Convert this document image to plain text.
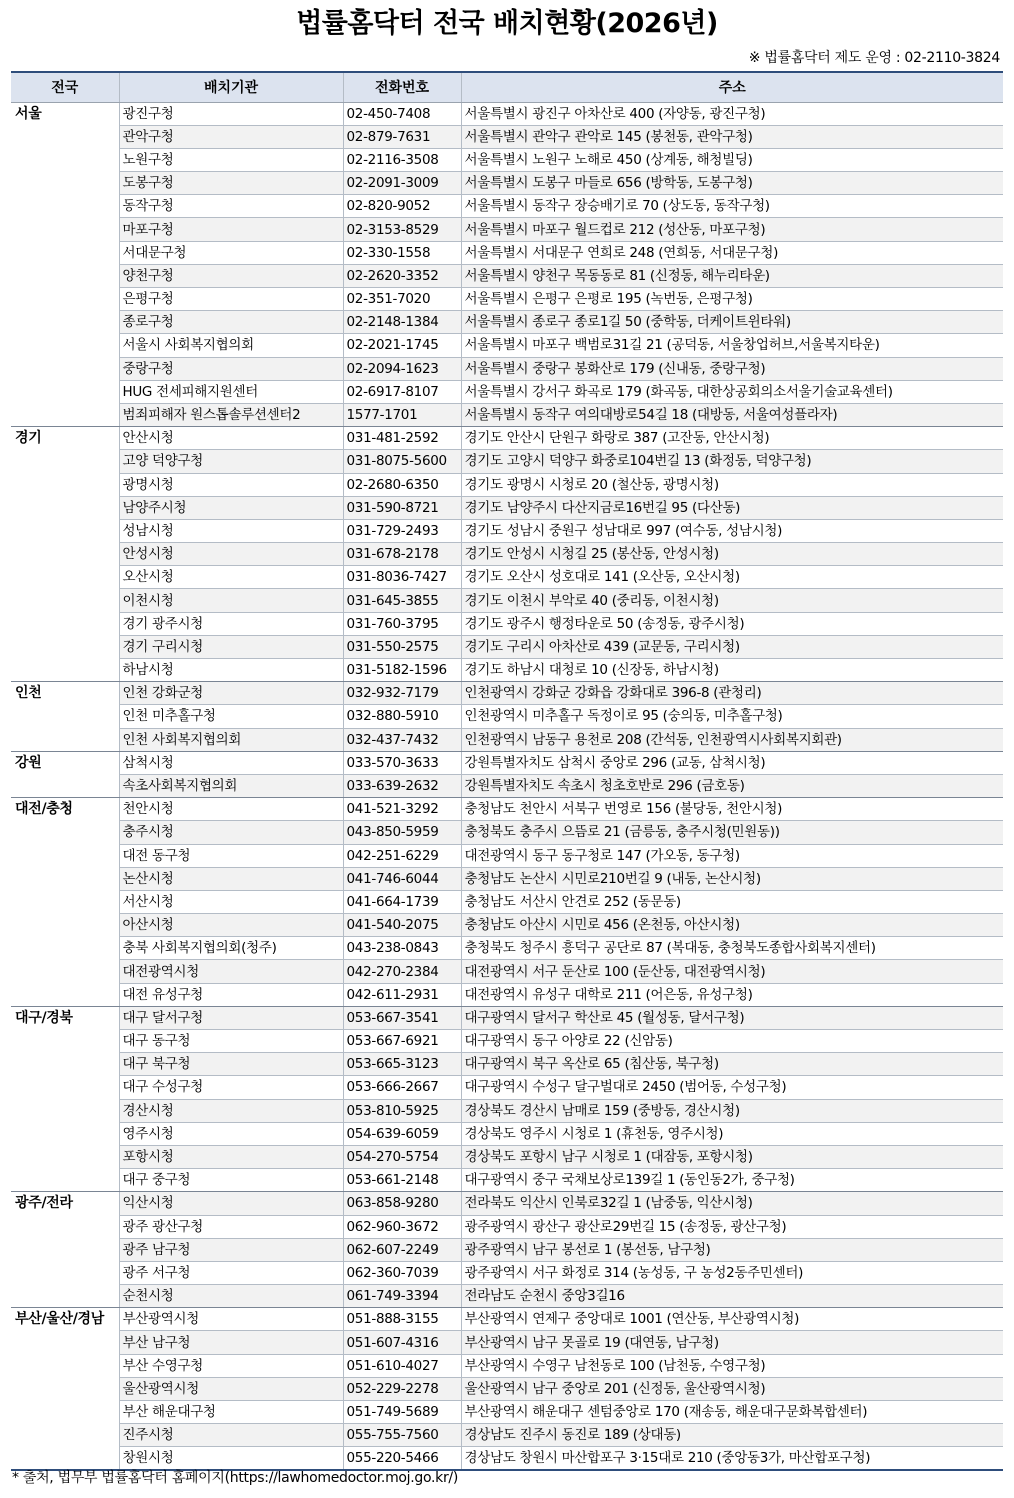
법률홈닥터 전국 배치현황(2026년)
※ 법률홈닥터 제도 운영 : 02-2110-3824
전국	배치기관	전화번호	주소
서울	광진구청	02-450-7408	서울특별시 광진구 아차산로 400 (자양동, 광진구청)
	관악구청	02-879-7631	서울특별시 관악구 관악로 145 (봉천동, 관악구청)
	노원구청	02-2116-3508	서울특별시 노원구 노해로 450 (상계동, 해청빌딩)
	도봉구청	02-2091-3009	서울특별시 도봉구 마들로 656 (방학동, 도봉구청)
	동작구청	02-820-9052	서울특별시 동작구 장승배기로 70 (상도동, 동작구청)
	마포구청	02-3153-8529	서울특별시 마포구 월드컵로 212 (성산동, 마포구청)
	서대문구청	02-330-1558	서울특별시 서대문구 연희로 248 (연희동, 서대문구청)
	양천구청	02-2620-3352	서울특별시 양천구 목동동로 81 (신정동, 해누리타운)
	은평구청	02-351-7020	서울특별시 은평구 은평로 195 (녹번동, 은평구청)
	종로구청	02-2148-1384	서울특별시 종로구 종로1길 50 (중학동, 더케이트윈타워)
	서울시 사회복지협의회	02-2021-1745	서울특별시 마포구 백범로31길 21 (공덕동, 서울창업허브,서울복지타운)
	중랑구청	02-2094-1623	서울특별시 중랑구 봉화산로 179 (신내동, 중랑구청)
	HUG 전세피해지원센터	02-6917-8107	서울특별시 강서구 화곡로 179 (화곡동, 대한상공회의소서울기술교육센터)
	범죄피해자 원스톱솔루션센터2	1577-1701	서울특별시 동작구 여의대방로54길 18 (대방동, 서울여성플라자)
경기	안산시청	031-481-2592	경기도 안산시 단원구 화랑로 387 (고잔동, 안산시청)
	고양 덕양구청	031-8075-5600	경기도 고양시 덕양구 화중로104번길 13 (화정동, 덕양구청)
	광명시청	02-2680-6350	경기도 광명시 시청로 20 (철산동, 광명시청)
	남양주시청	031-590-8721	경기도 남양주시 다산지금로16번길 95 (다산동)
	성남시청	031-729-2493	경기도 성남시 중원구 성남대로 997 (여수동, 성남시청)
	안성시청	031-678-2178	경기도 안성시 시청길 25 (봉산동, 안성시청)
	오산시청	031-8036-7427	경기도 오산시 성호대로 141 (오산동, 오산시청)
	이천시청	031-645-3855	경기도 이천시 부악로 40 (중리동, 이천시청)
	경기 광주시청	031-760-3795	경기도 광주시 행정타운로 50 (송정동, 광주시청)
	경기 구리시청	031-550-2575	경기도 구리시 아차산로 439 (교문동, 구리시청)
	하남시청	031-5182-1596	경기도 하남시 대청로 10 (신장동, 하남시청)
인천	인천 강화군청	032-932-7179	인천광역시 강화군 강화읍 강화대로 396-8 (관청리)
	인천 미추홀구청	032-880-5910	인천광역시 미추홀구 독정이로 95 (숭의동, 미추홀구청)
	인천 사회복지협의회	032-437-7432	인천광역시 남동구 용천로 208 (간석동, 인천광역시사회복지회관)
강원	삼척시청	033-570-3633	강원특별자치도 삼척시 중앙로 296 (교동, 삼척시청)
	속초사회복지협의회	033-639-2632	강원특별자치도 속초시 청초호반로 296 (금호동)
대전/충청	천안시청	041-521-3292	충청남도 천안시 서북구 번영로 156 (불당동, 천안시청)
	충주시청	043-850-5959	충청북도 충주시 으뜸로 21 (금릉동, 충주시청(민원동))
	대전 동구청	042-251-6229	대전광역시 동구 동구청로 147 (가오동, 동구청)
	논산시청	041-746-6044	충청남도 논산시 시민로210번길 9 (내동, 논산시청)
	서산시청	041-664-1739	충청남도 서산시 안견로 252 (동문동)
	아산시청	041-540-2075	충청남도 아산시 시민로 456 (온천동, 아산시청)
	충북 사회복지협의회(청주)	043-238-0843	충청북도 청주시 흥덕구 공단로 87 (복대동, 충청북도종합사회복지센터)
	대전광역시청	042-270-2384	대전광역시 서구 둔산로 100 (둔산동, 대전광역시청)
	대전 유성구청	042-611-2931	대전광역시 유성구 대학로 211 (어은동, 유성구청)
대구/경북	대구 달서구청	053-667-3541	대구광역시 달서구 학산로 45 (월성동, 달서구청)
	대구 동구청	053-667-6921	대구광역시 동구 아양로 22 (신암동)
	대구 북구청	053-665-3123	대구광역시 북구 옥산로 65 (침산동, 북구청)
	대구 수성구청	053-666-2667	대구광역시 수성구 달구벌대로 2450 (범어동, 수성구청)
	경산시청	053-810-5925	경상북도 경산시 남매로 159 (중방동, 경산시청)
	영주시청	054-639-6059	경상북도 영주시 시청로 1 (휴천동, 영주시청)
	포항시청	054-270-5754	경상북도 포항시 남구 시청로 1 (대잠동, 포항시청)
	대구 중구청	053-661-2148	대구광역시 중구 국채보상로139길 1 (동인동2가, 중구청)
광주/전라	익산시청	063-858-9280	전라북도 익산시 인북로32길 1 (남중동, 익산시청)
	광주 광산구청	062-960-3672	광주광역시 광산구 광산로29번길 15 (송정동, 광산구청)
	광주 남구청	062-607-2249	광주광역시 남구 봉선로 1 (봉선동, 남구청)
	광주 서구청	062-360-7039	광주광역시 서구 화정로 314 (농성동, 구 농성2동주민센터)
	순천시청	061-749-3394	전라남도 순천시 중앙3길16
부산/울산/경남	부산광역시청	051-888-3155	부산광역시 연제구 중앙대로 1001 (연산동, 부산광역시청)
	부산 남구청	051-607-4316	부산광역시 남구 못골로 19 (대연동, 남구청)
	부산 수영구청	051-610-4027	부산광역시 수영구 남천동로 100 (남천동, 수영구청)
	울산광역시청	052-229-2278	울산광역시 남구 중앙로 201 (신정동, 울산광역시청)
	부산 해운대구청	051-749-5689	부산광역시 해운대구 센텀중앙로 170 (재송동, 해운대구문화복합센터)
	진주시청	055-755-7560	경상남도 진주시 동진로 189 (상대동)
	창원시청	055-220-5466	경상남도 창원시 마산합포구 3·15대로 210 (중앙동3가, 마산합포구청)
* 출처, 법무부 법률홈닥터 홈페이지(https://lawhomedoctor.moj.go.kr/)
